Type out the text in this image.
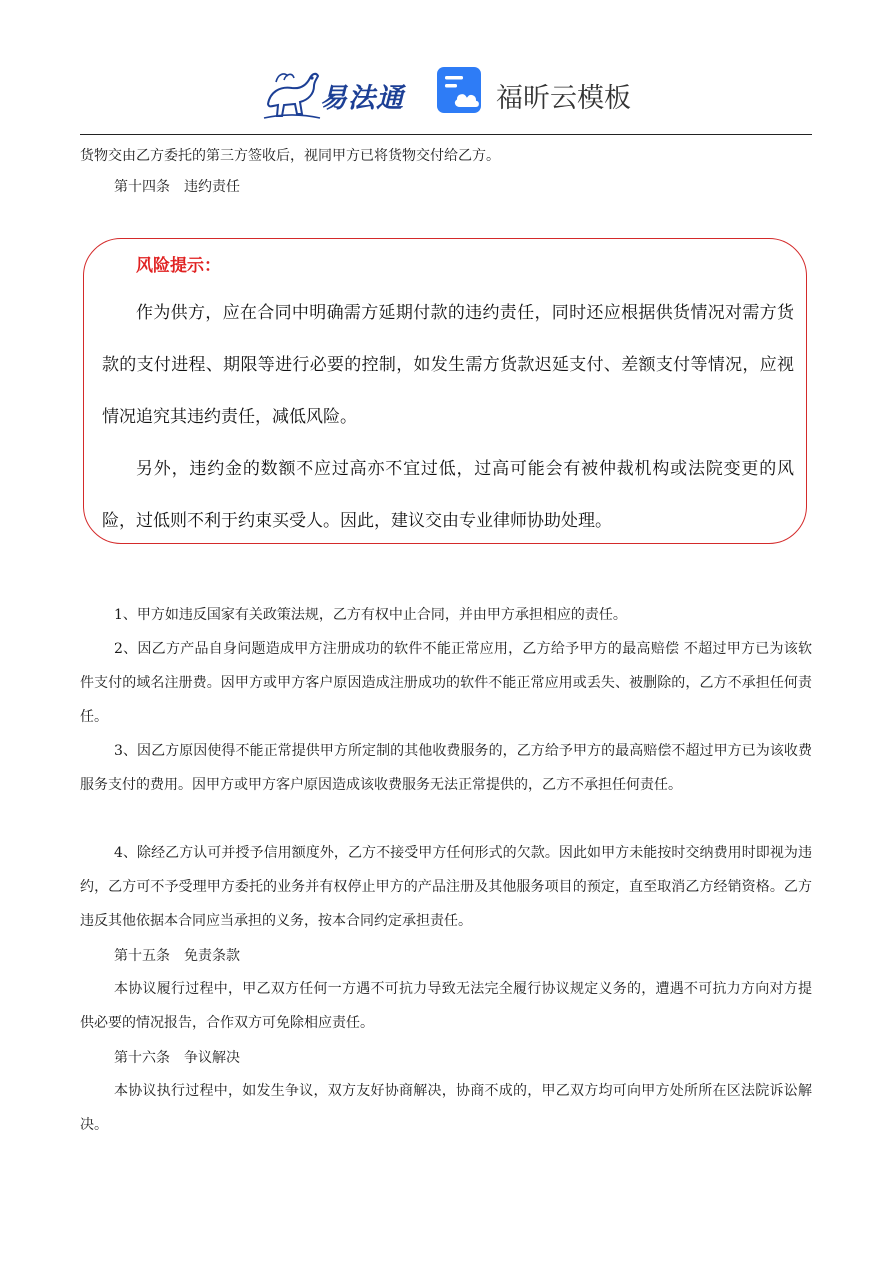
易法通	福昕云模板
货物交由乙方委托的第三方签收后，视同甲方已将货物交付给乙方。
第十四条　违约责任
风险提示：
作为供方，应在合同中明确需方延期付款的违约责任，同时还应根据供货情况对需方货款的支付进程、期限等进行必要的控制，如发生需方货款迟延支付、差额支付等情况，应视情况追究其违约责任，减低风险。
另外，违约金的数额不应过高亦不宜过低，过高可能会有被仲裁机构或法院变更的风险，过低则不利于约束买受人。因此，建议交由专业律师协助处理。
1、甲方如违反国家有关政策法规，乙方有权中止合同，并由甲方承担相应的责任。
2、因乙方产品自身问题造成甲方注册成功的软件不能正常应用，乙方给予甲方的最高赔偿 不超过甲方已为该软件支付的域名注册费。因甲方或甲方客户原因造成注册成功的软件不能正常应用或丢失、被删除的，乙方不承担任何责任。
3、因乙方原因使得不能正常提供甲方所定制的其他收费服务的，乙方给予甲方的最高赔偿不超过甲方已为该收费服务支付的费用。因甲方或甲方客户原因造成该收费服务无法正常提供的，乙方不承担任何责任。
4、除经乙方认可并授予信用额度外，乙方不接受甲方任何形式的欠款。因此如甲方未能按时交纳费用时即视为违约，乙方可不予受理甲方委托的业务并有权停止甲方的产品注册及其他服务项目的预定，直至取消乙方经销资格。乙方违反其他依据本合同应当承担的义务，按本合同约定承担责任。
第十五条　免责条款
本协议履行过程中，甲乙双方任何一方遇不可抗力导致无法完全履行协议规定义务的，遭遇不可抗力方向对方提供必要的情况报告，合作双方可免除相应责任。
第十六条　争议解决
本协议执行过程中，如发生争议，双方友好协商解决，协商不成的，甲乙双方均可向甲方处所所在区法院诉讼解决。
